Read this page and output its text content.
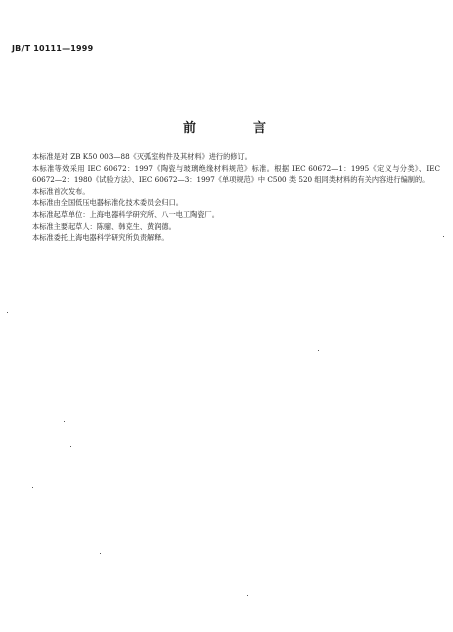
JB/T 10111—1999
前　言

本标准是对 ZB K50 003—88《灭弧室构件及其材料》进行的修订。

本标准等效采用 IEC 60672：1997《陶瓷与玻璃绝缘材料规范》标准。根据 IEC 60672—1：1995《定义与分类》、IEC 60672—2：1980《试验方法》、IEC 60672—3：1997《单项规范》中 C500 类 520 组同类材料的有关内容进行编制的。

本标准首次发布。

本标准由全国低压电器标准化技术委员会归口。

本标准起草单位：上海电器科学研究所、八一电工陶瓷厂。

本标准主要起草人：陈骝、韩克生、黄润德。

本标准委托上海电器科学研究所负责解释。
